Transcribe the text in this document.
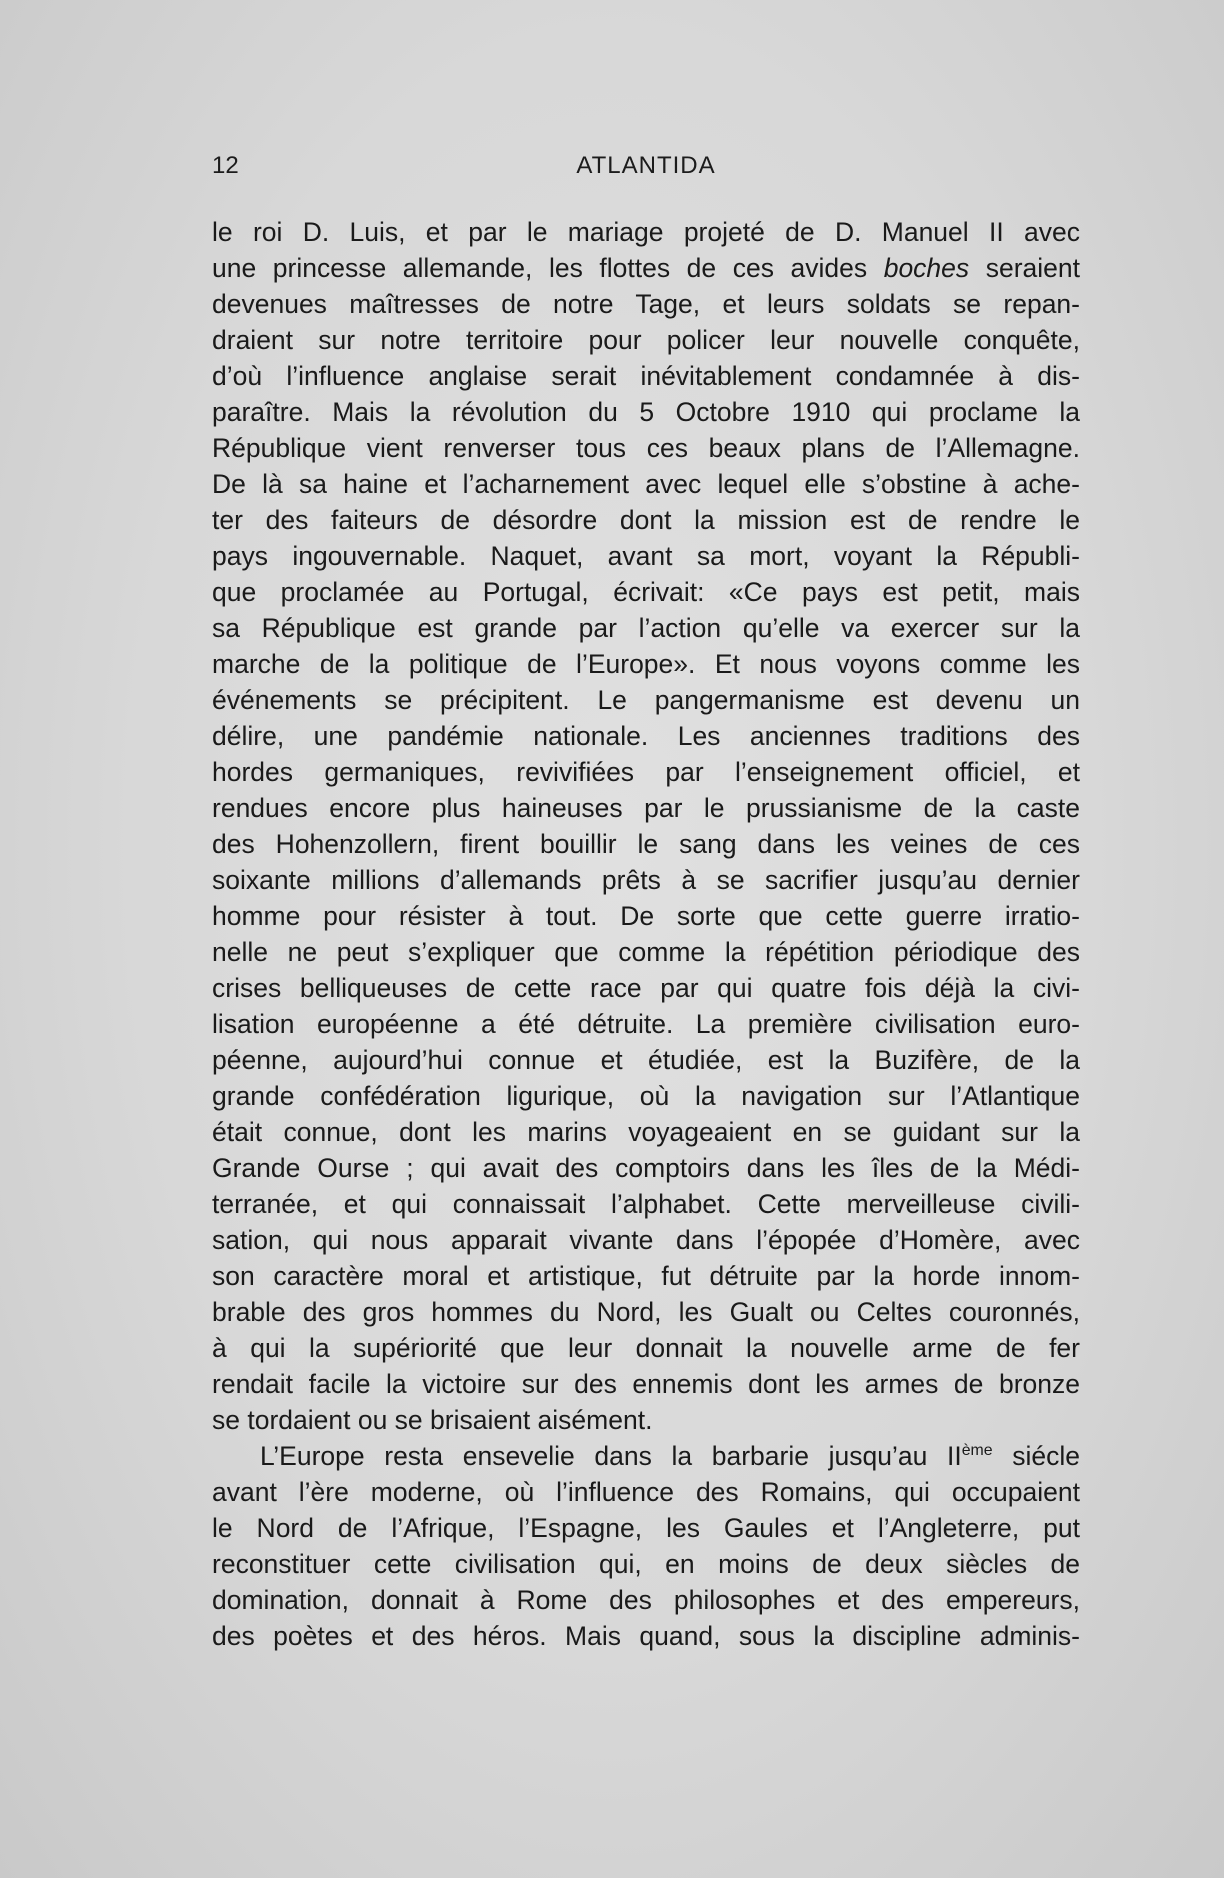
12	ATLANTIDA
le roi D. Luis, et par le mariage projeté de D. Manuel II avec
une princesse allemande, les flottes de ces avides boches seraient
devenues maîtresses de notre Tage, et leurs soldats se repan-
draient sur notre territoire pour policer leur nouvelle conquête,
d’où l’influence anglaise serait inévitablement condamnée à dis-
paraître. Mais la révolution du 5 Octobre 1910 qui proclame la
République vient renverser tous ces beaux plans de l’Allemagne.
De là sa haine et l’acharnement avec lequel elle s’obstine à ache-
ter des faiteurs de désordre dont la mission est de rendre le
pays ingouvernable. Naquet, avant sa mort, voyant la Républi-
que proclamée au Portugal, écrivait: «Ce pays est petit, mais
sa République est grande par l’action qu’elle va exercer sur la
marche de la politique de l’Europe». Et nous voyons comme les
événements se précipitent. Le pangermanisme est devenu un
délire, une pandémie nationale. Les anciennes traditions des
hordes germaniques, revivifiées par l’enseignement officiel, et
rendues encore plus haineuses par le prussianisme de la caste
des Hohenzollern, firent bouillir le sang dans les veines de ces
soixante millions d’allemands prêts à se sacrifier jusqu’au dernier
homme pour résister à tout. De sorte que cette guerre irratio-
nelle ne peut s’expliquer que comme la répétition périodique des
crises belliqueuses de cette race par qui quatre fois déjà la civi-
lisation européenne a été détruite. La première civilisation euro-
péenne, aujourd’hui connue et étudiée, est la Buzifère, de la
grande confédération ligurique, où la navigation sur l’Atlantique
était connue, dont les marins voyageaient en se guidant sur la
Grande Ourse ; qui avait des comptoirs dans les îles de la Médi-
terranée, et qui connaissait l’alphabet. Cette merveilleuse civili-
sation, qui nous apparait vivante dans l’épopée d’Homère, avec
son caractère moral et artistique, fut détruite par la horde innom-
brable des gros hommes du Nord, les Gualt ou Celtes couronnés,
à qui la supériorité que leur donnait la nouvelle arme de fer
rendait facile la victoire sur des ennemis dont les armes de bronze
se tordaient ou se brisaient aisément.
L’Europe resta ensevelie dans la barbarie jusqu’au IIème siécle
avant l’ère moderne, où l’influence des Romains, qui occupaient
le Nord de l’Afrique, l’Espagne, les Gaules et l’Angleterre, put
reconstituer cette civilisation qui, en moins de deux siècles de
domination, donnait à Rome des philosophes et des empereurs,
des poètes et des héros. Mais quand, sous la discipline adminis-
